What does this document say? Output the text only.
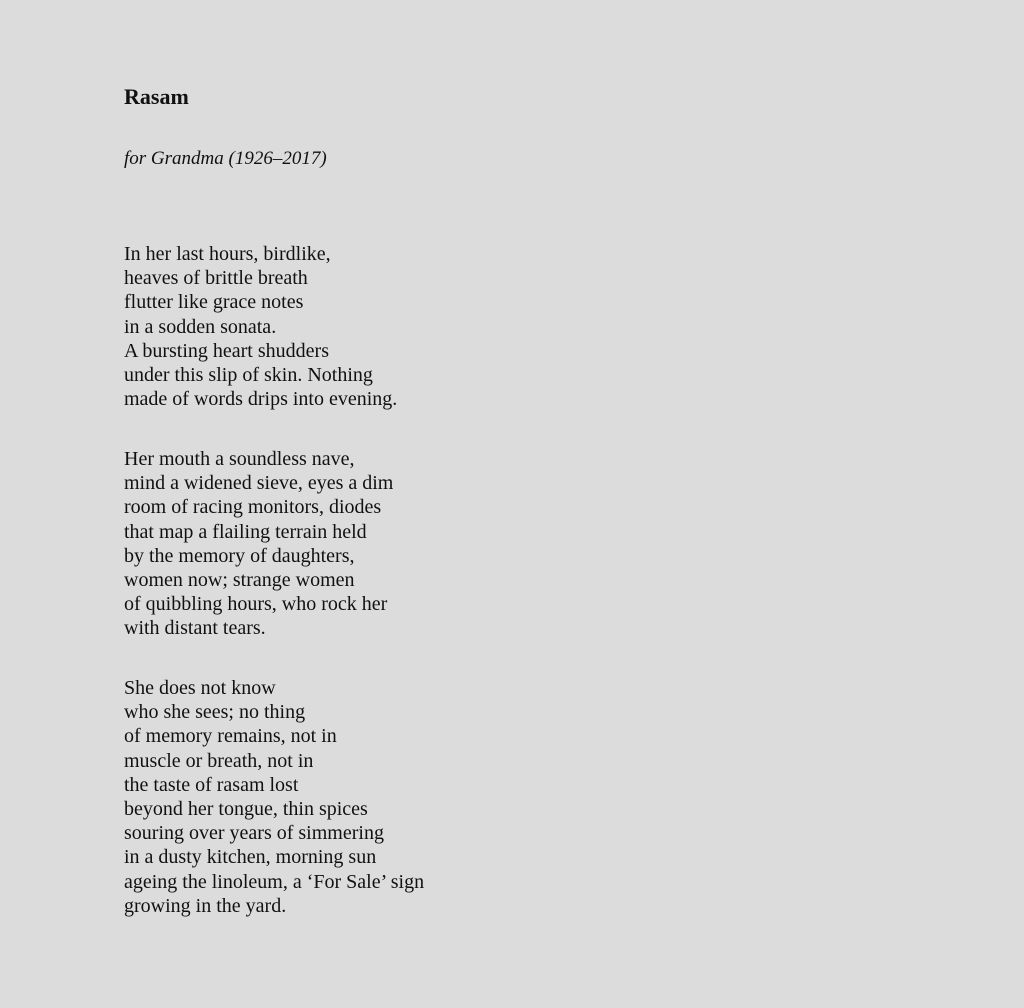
Rasam

for Grandma (1926–2017)

In her last hours, birdlike,
heaves of brittle breath
flutter like grace notes
in a sodden sonata.
A bursting heart shudders
under this slip of skin. Nothing
made of words drips into evening.
Her mouth a soundless nave,
mind a widened sieve, eyes a dim
room of racing monitors, diodes
that map a flailing terrain held
by the memory of daughters,
women now; strange women
of quibbling hours, who rock her
with distant tears.
She does not know
who she sees; no thing
of memory remains, not in
muscle or breath, not in
the taste of rasam lost
beyond her tongue, thin spices
souring over years of simmering
in a dusty kitchen, morning sun
ageing the linoleum, a ‘For Sale’ sign
growing in the yard.
